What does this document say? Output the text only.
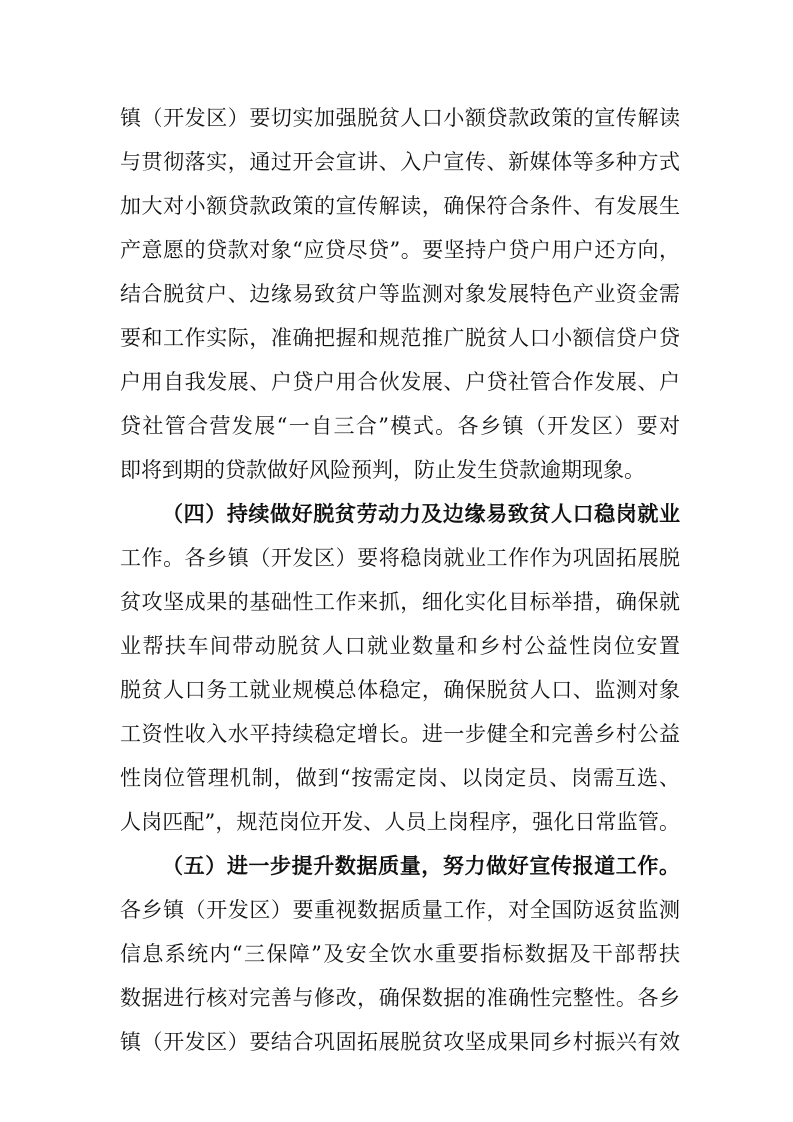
镇（开发区）要切实加强脱贫人口小额贷款政策的宣传解读
与贯彻落实，通过开会宣讲、入户宣传、新媒体等多种方式
加大对小额贷款政策的宣传解读，确保符合条件、有发展生
产意愿的贷款对象“应贷尽贷”。要坚持户贷户用户还方向，
结合脱贫户、边缘易致贫户等监测对象发展特色产业资金需
要和工作实际，准确把握和规范推广脱贫人口小额信贷户贷
户用自我发展、户贷户用合伙发展、户贷社管合作发展、户
贷社管合营发展“一自三合”模式。各乡镇（开发区）要对
即将到期的贷款做好风险预判，防止发生贷款逾期现象。
（四）持续做好脱贫劳动力及边缘易致贫人口稳岗就业
工作。各乡镇（开发区）要将稳岗就业工作作为巩固拓展脱
贫攻坚成果的基础性工作来抓，细化实化目标举措，确保就
业帮扶车间带动脱贫人口就业数量和乡村公益性岗位安置
脱贫人口务工就业规模总体稳定，确保脱贫人口、监测对象
工资性收入水平持续稳定增长。进一步健全和完善乡村公益
性岗位管理机制，做到“按需定岗、以岗定员、岗需互选、
人岗匹配”，规范岗位开发、人员上岗程序，强化日常监管。
（五）进一步提升数据质量，努力做好宣传报道工作。
各乡镇（开发区）要重视数据质量工作，对全国防返贫监测
信息系统内“三保障”及安全饮水重要指标数据及干部帮扶
数据进行核对完善与修改，确保数据的准确性完整性。各乡
镇（开发区）要结合巩固拓展脱贫攻坚成果同乡村振兴有效
